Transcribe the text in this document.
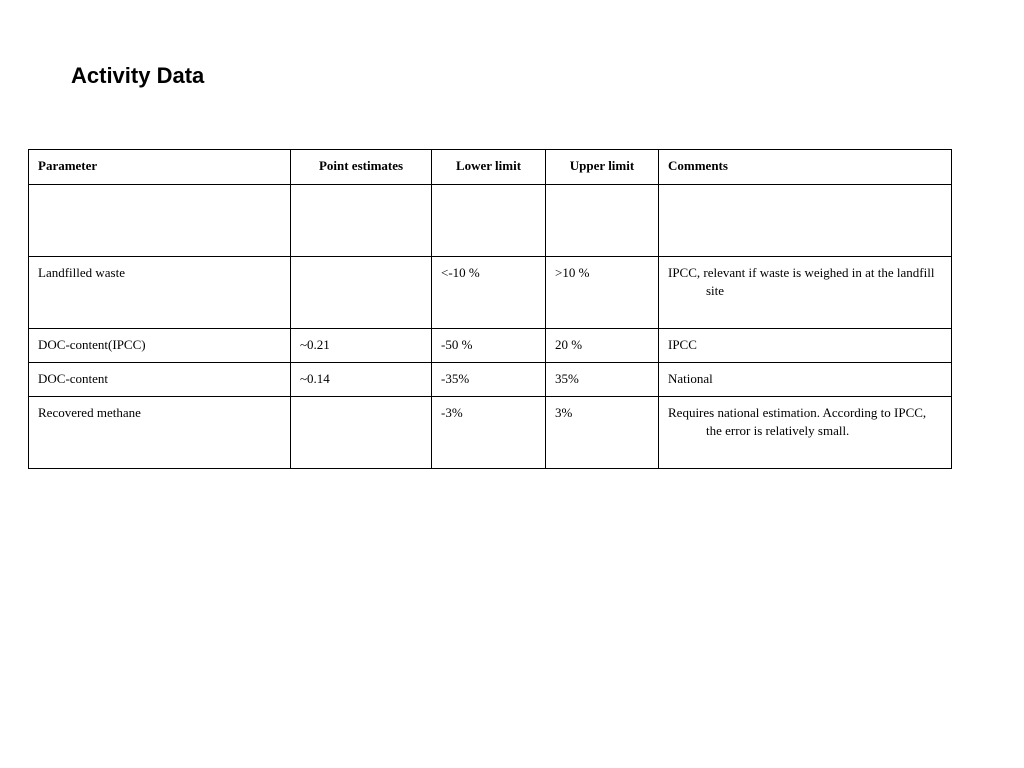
Activity Data
Parameter	Point estimates	Lower limit	Upper limit	Comments

Landfilled waste		<-10 %	>10 %	IPCC, relevant if waste is weighed in at the landfill site

DOC-content(IPCC)	~0.21	-50 %	20 %	IPCC

DOC-content	~0.14	-35%	35%	National

Recovered methane		-3%	3%	Requires national estimation. According to IPCC, the error is relatively small.
